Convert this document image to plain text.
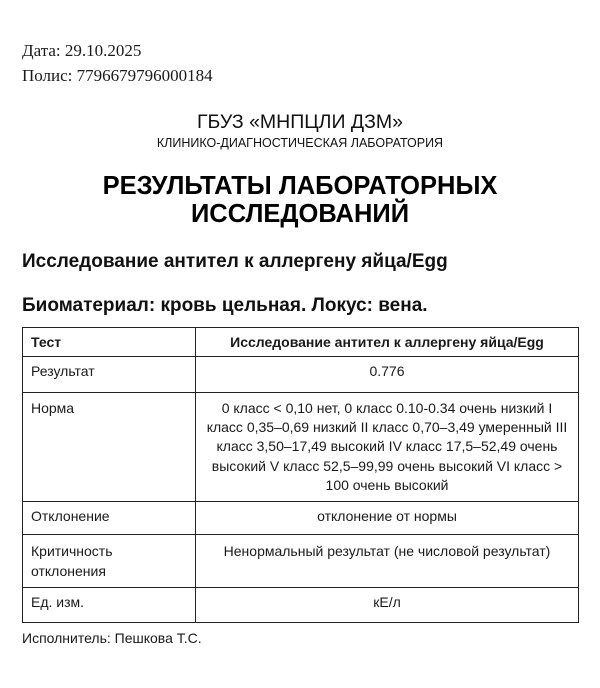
Дата: 29.10.2025
Полис: 7796679796000184
ГБУЗ «МНПЦЛИ ДЗМ»
КЛИНИКО-ДИАГНОСТИЧЕСКАЯ ЛАБОРАТОРИЯ
РЕЗУЛЬТАТЫ ЛАБОРАТОРНЫХ
ИССЛЕДОВАНИЙ
Исследование антител к аллергену яйца/Egg
Биоматериал: кровь цельная. Локус: вена.
Тест	Исследование антител к аллергену яйца/Egg
Результат	0.776
Норма	0 класс < 0,10 нет, 0 класс 0.10-0.34 очень низкий I класс 0,35–0,69 низкий II класс 0,70–3,49 умеренный III класс 3,50–17,49 высокий IV класс 17,5–52,49 очень высокий V класс 52,5–99,99 очень высокий VI класс > 100 очень высокий
Отклонение	отклонение от нормы
Критичность отклонения	Ненормальный результат (не числовой результат)
Ед. изм.	кЕ/л
Исполнитель: Пешкова Т.С.
